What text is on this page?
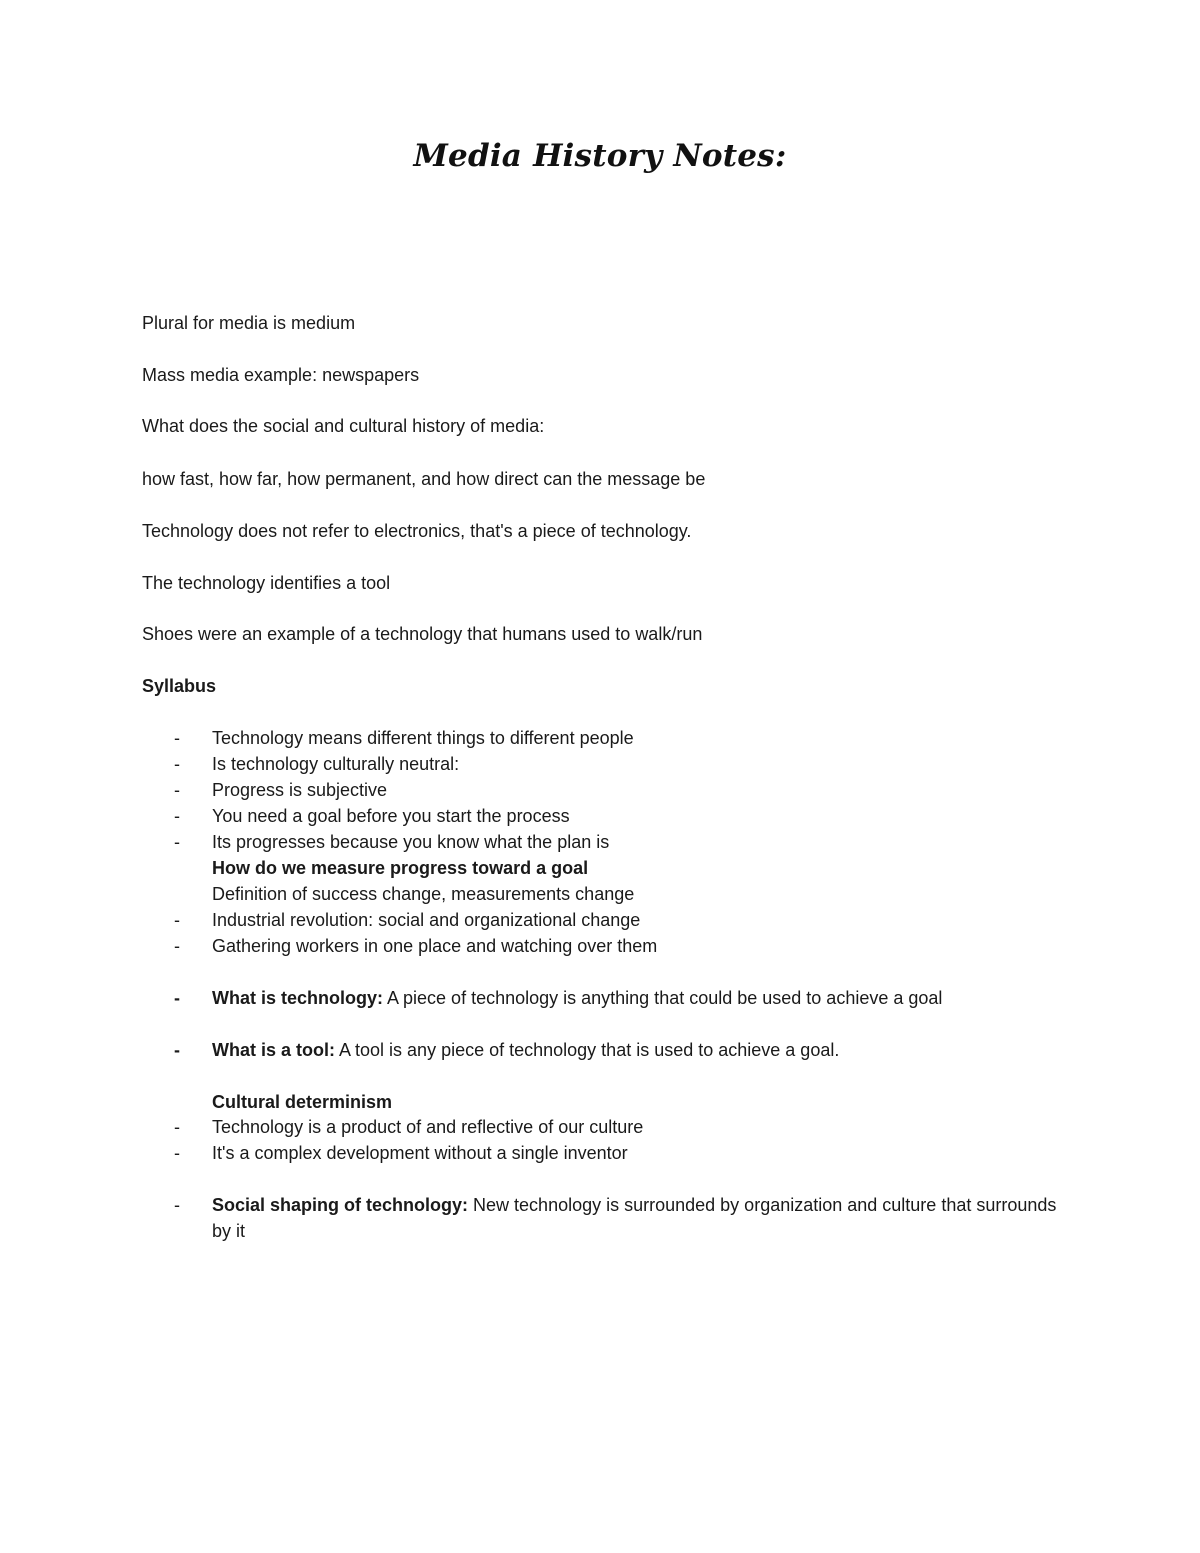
Media History Notes:
Plural for media is medium
Mass media example: newspapers
What does the social and cultural history of media:
how fast, how far, how permanent, and how direct can the message be
Technology does not refer to electronics, that's a piece of technology.
The technology identifies a tool
Shoes were an example of a technology that humans used to walk/run
Syllabus
-	Technology means different things to different people
-	Is technology culturally neutral:
-	Progress is subjective
-	You need a goal before you start the process
-	Its progresses because you know what the plan is
How do we measure progress toward a goal
Definition of success change, measurements change
-	Industrial revolution: social and organizational change
-	Gathering workers in one place and watching over them
-	What is technology: A piece of technology is anything that could be used to achieve a goal
-	What is a tool: A tool is any piece of technology that is used to achieve a goal.
Cultural determinism
-	Technology is a product of and reflective of our culture
-	It's a complex development without a single inventor
-	Social shaping of technology: New technology is surrounded by organization and culture that surrounds by it
